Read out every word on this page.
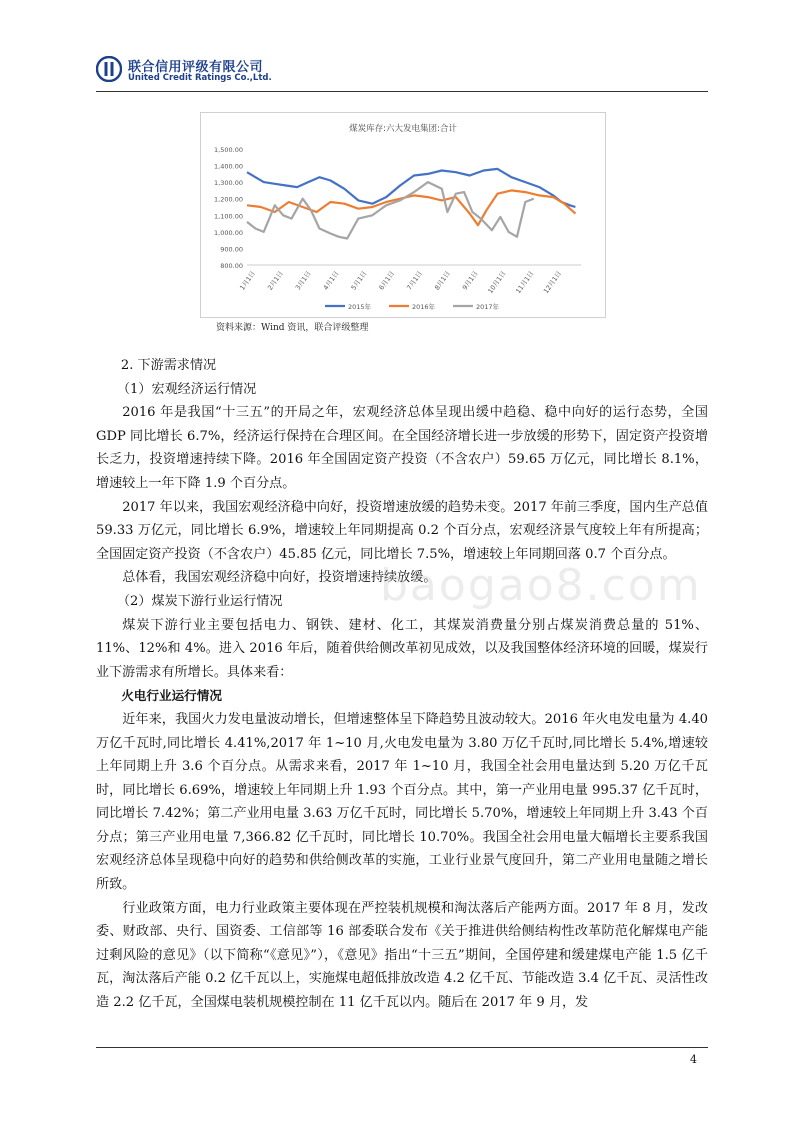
联合信用评级有限公司
United Credit Ratings Co.,Ltd.
煤炭库存:六大发电集团:合计
1,500.00
1,400.00
1,300.00
1,200.00
1,100.00
1,000.00
900.00
800.00
1月1日 2月1日 3月1日 4月1日 5月1日 6月1日 7月1日 8月1日 9月1日 10月1日 11月1日 12月1日
2015年	2016年	2017年
资料来源：Wind 资讯，联合评级整理

2. 下游需求情况

（1）宏观经济运行情况

2016 年是我国“十三五”的开局之年，宏观经济总体呈现出缓中趋稳、稳中向好的运行态势，全国 GDP 同比增长 6.7%，经济运行保持在合理区间。在全国经济增长进一步放缓的形势下，固定资产投资增长乏力，投资增速持续下降。2016 年全国固定资产投资（不含农户）59.65 万亿元，同比增长 8.1%，增速较上一年下降 1.9 个百分点。

2017 年以来，我国宏观经济稳中向好，投资增速放缓的趋势未变。2017 年前三季度，国内生产总值 59.33 万亿元，同比增长 6.9%，增速较上年同期提高 0.2 个百分点，宏观经济景气度较上年有所提高；全国固定资产投资（不含农户）45.85 亿元，同比增长 7.5%，增速较上年同期回落 0.7 个百分点。

总体看，我国宏观经济稳中向好，投资增速持续放缓。

（2）煤炭下游行业运行情况

煤炭下游行业主要包括电力、钢铁、建材、化工，其煤炭消费量分别占煤炭消费总量的 51%、11%、12%和 4%。进入 2016 年后，随着供给侧改革初见成效，以及我国整体经济环境的回暖，煤炭行业下游需求有所增长。具体来看：

火电行业运行情况

近年来，我国火力发电量波动增长，但增速整体呈下降趋势且波动较大。2016 年火电发电量为 4.40 万亿千瓦时,同比增长 4.41%,2017 年 1~10 月,火电发电量为 3.80 万亿千瓦时,同比增长 5.4%,增速较上年同期上升 3.6 个百分点。从需求来看，2017 年 1~10 月，我国全社会用电量达到 5.20 万亿千瓦时，同比增长 6.69%，增速较上年同期上升 1.93 个百分点。其中，第一产业用电量 995.37 亿千瓦时，同比增长 7.42%；第二产业用电量 3.63 万亿千瓦时，同比增长 5.70%，增速较上年同期上升 3.43 个百分点；第三产业用电量 7,366.82 亿千瓦时，同比增长 10.70%。我国全社会用电量大幅增长主要系我国宏观经济总体呈现稳中向好的趋势和供给侧改革的实施，工业行业景气度回升，第二产业用电量随之增长所致。

行业政策方面，电力行业政策主要体现在严控装机规模和淘汰落后产能两方面。2017 年 8 月，发改委、财政部、央行、国资委、工信部等 16 部委联合发布《关于推进供给侧结构性改革防范化解煤电产能过剩风险的意见》（以下简称“《意见》”），《意见》指出“十三五”期间，全国停建和缓建煤电产能 1.5 亿千瓦，淘汰落后产能 0.2 亿千瓦以上，实施煤电超低排放改造 4.2 亿千瓦、节能改造 3.4 亿千瓦、灵活性改造 2.2 亿千瓦，全国煤电装机规模控制在 11 亿千瓦以内。随后在 2017 年 9 月，发

baogao8.com
4
